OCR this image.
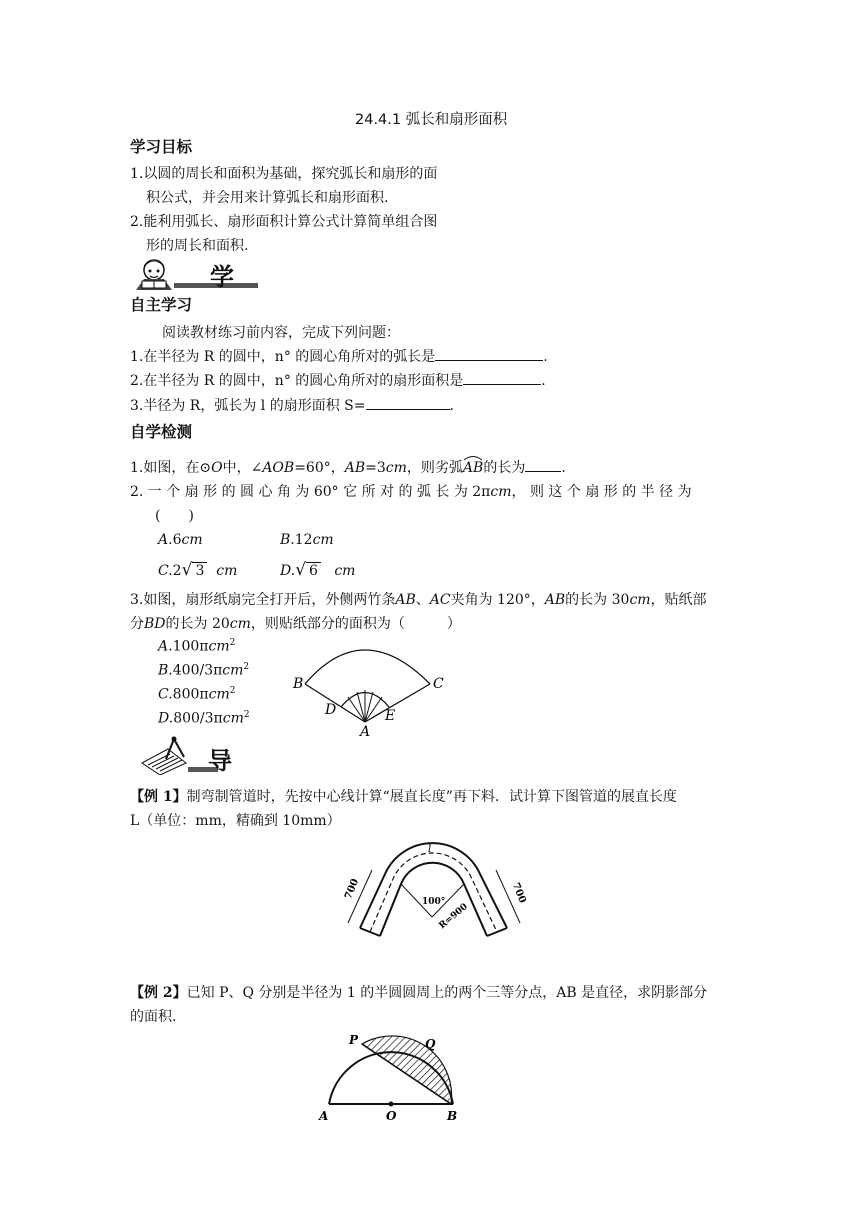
24.4.1 弧长和扇形面积
学习目标
1.以圆的周长和面积为基础，探究弧长和扇形的面
积公式，并会用来计算弧长和扇形面积.
2.能利用弧长、扇形面积计算公式计算简单组合图
形的周长和面积.
学
自主学习
阅读教材练习前内容，完成下列问题：
1.在半径为 R 的圆中，n° 的圆心角所对的弧长是	.
2.在半径为 R 的圆中，n° 的圆心角所对的扇形面积是	.
3.半径为 R，弧长为 l 的扇形面积 S=	.
自学检测
1.如图，在⊙O中，∠AOB=60°，AB=3cm，则劣弧AB
的长为	.
2. 一 个 扇 形 的 圆 心 角 为 60° 它 所 对 的 弧 长 为 2πcm， 则 这 个 扇 形 的 半 径 为
(　　)
A.6cm	B.12cm
C.2√ 3 cm	D.√ 6 cm
3.如图，扇形纸扇完全打开后，外侧两竹条AB、AC夹角为 120°，AB的长为 30cm，贴纸部
分BD的长为 20cm，则贴纸部分的面积为（　　　）
A.100πcm$^2$
B.400/3πcm$^2$
C.800πcm$^2$
D.800/3πcm$^2$
B	C
D	E
A
导
【例 1】制弯制管道时，先按中心线计算“展直长度”再下料．试计算下图管道的展直长度
L（单位：mm，精确到 10mm）
700	700
100°
R=900
l
【例 2】已知 P、Q 分别是半径为 1 的半圆圆周上的两个三等分点，AB 是直径，求阴影部分
的面积.
P	Q
A	O	B
